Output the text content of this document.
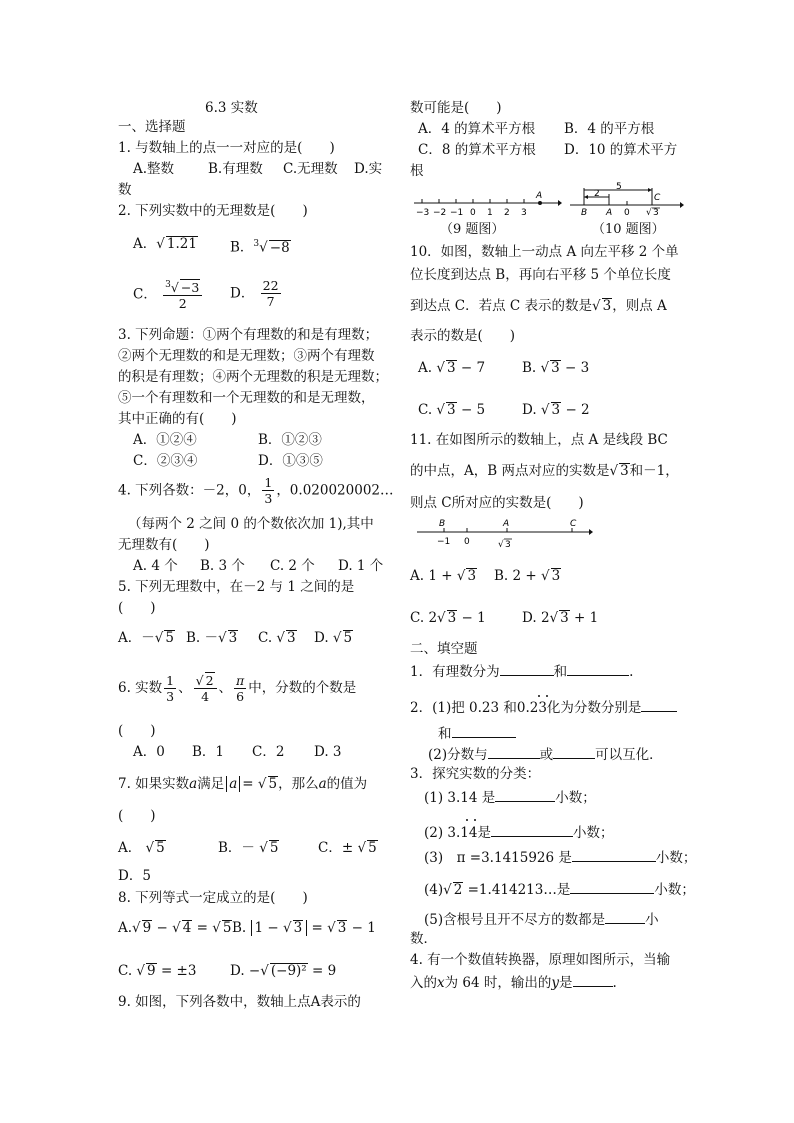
6.3 实数
一、选择题
1. 与数轴上的点一一对应的是(　　)
A.整数	B.有理数 C.无理数 D.实
数
2. 下列实数中的无理数是(　　)
A．√ 1.21 B．$^3$√ −8
C． $\frac{^3√ -3}{2}$ D． $\frac{22}{7}$
3. 下列命题：①两个有理数的和是有理数；
②两个无理数的和是无理数；③两个有理数
的积是有理数；④两个无理数的积是无理数；
⑤一个有理数和一个无理数的和是无理数，
其中正确的有(　　)
A．①②④	B．①②③
C．②③④	D．①③⑤
4. 下列各数：－2，0， $\frac{1}{3}$ ，0.020020002…
（每两个 2 之间 0 的个数依次加 1),其中
无理数有(　　)
A. 4 个 B. 3 个 C. 2 个 D. 1 个
5. 下列无理数中，在－2 与 1 之间的是
(　　)
A．－√ 5 B. －√ 3 C. √ 3 D. √ 5
6. 实数 $\frac{1}{3}$ 、 $\frac{√ 2}{4}$ 、 $\frac{\pi}{6}$ 中，分数的个数是
(　　)
A．0 B．1 C．2 D. 3
7. 如果实数a满足 a = √ 5，那么a的值为
(　　)
A． √ 5	B．－ √ 5	C．± √ 5
D．5
8. 下列等式一定成立的是(　　)
A.√ 9 − √ 4 = √ 5 B. 1 − √ 3 = √ 3 − 1
C. √ 9 = ±3 D. −√ (−9)² = 9
9. 如图，下列各数中，数轴上点A表示的
数可能是(　　)
A．4 的算术平方根 B．4 的平方根
C．8 的算术平方根 D．10 的算术平方
根
−3 −2 −1 0 1 2 3
A
（9 题图）
5
2
B A 0
C
√ 3
（10 题图）
10．如图，数轴上一动点 A 向左平移 2 个单
位长度到达点 B，再向右平移 5 个单位长度
到达点 C．若点 C 表示的数是√ 3，则点 A
表示的数是(　　)
A. √ 3 − 7	B. √ 3 − 3
C. √ 3 − 5	D. √ 3 − 2
11. 在如图所示的数轴上，点 A 是线段 BC
的中点，A，B 两点对应的实数是√ 3和－1，
则点 C所对应的实数是(　　)
B	A	C
−1 0	√ 3
A. 1 + √ 3 B. 2 + √ 3
C. 2√ 3 − 1	D. 2√ 3 + 1
二、填空题
1．有理数分为	和	.
2．(1)把 0.23 和0.23化为分数分别是
和
(2)分数与	或	可以互化．
3．探究实数的分类：
(1) 3.14 是	小数；
(2) 3.14是	小数；
(3)　π =3.1415926 是	小数；
(4)√ 2 =1.414213…是	小数；
(5)含根号且开不尽方的数都是	小
数．
4. 有一个数值转换器，原理如图所示，当输
入的x为 64 时，输出的y是	.
